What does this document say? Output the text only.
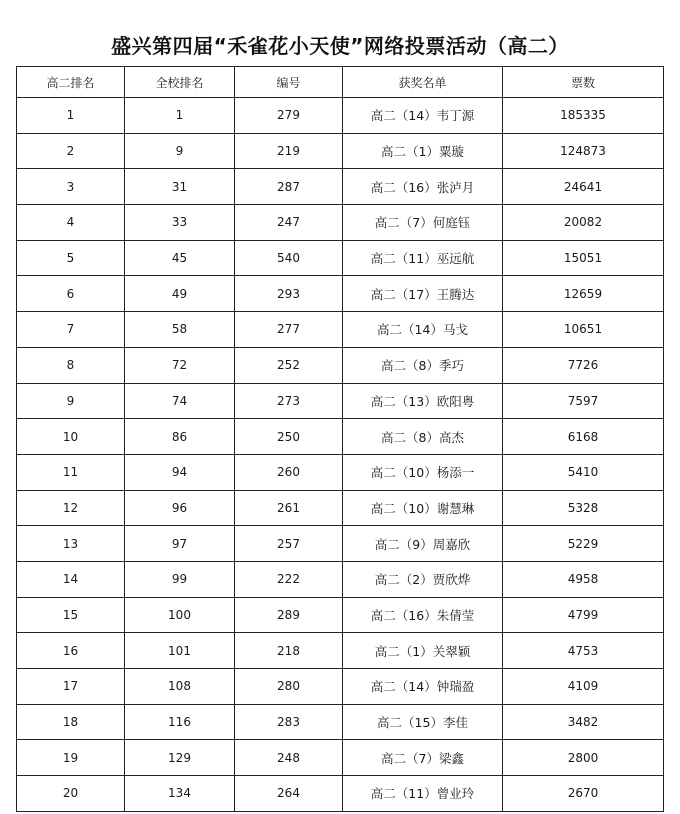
盛兴第四届“禾雀花小天使”网络投票活动（高二）
高二排名	全校排名	编号	获奖名单	票数
1	1	279	高二（14）韦丁源	185335
2	9	219	高二（1）粟璇	124873
3	31	287	高二（16）张泸月	24641
4	33	247	高二（7）何庭钰	20082
5	45	540	高二（11）巫远航	15051
6	49	293	高二（17）王腾达	12659
7	58	277	高二（14）马戈	10651
8	72	252	高二（8）季巧	7726
9	74	273	高二（13）欧阳粤	7597
10	86	250	高二（8）高杰	6168
11	94	260	高二（10）杨添一	5410
12	96	261	高二（10）谢慧琳	5328
13	97	257	高二（9）周嘉欣	5229
14	99	222	高二（2）贾欣烨	4958
15	100	289	高二（16）朱倩莹	4799
16	101	218	高二（1）关翠颖	4753
17	108	280	高二（14）钟瑞盈	4109
18	116	283	高二（15）李佳	3482
19	129	248	高二（7）梁鑫	2800
20	134	264	高二（11）曾业玲	2670
